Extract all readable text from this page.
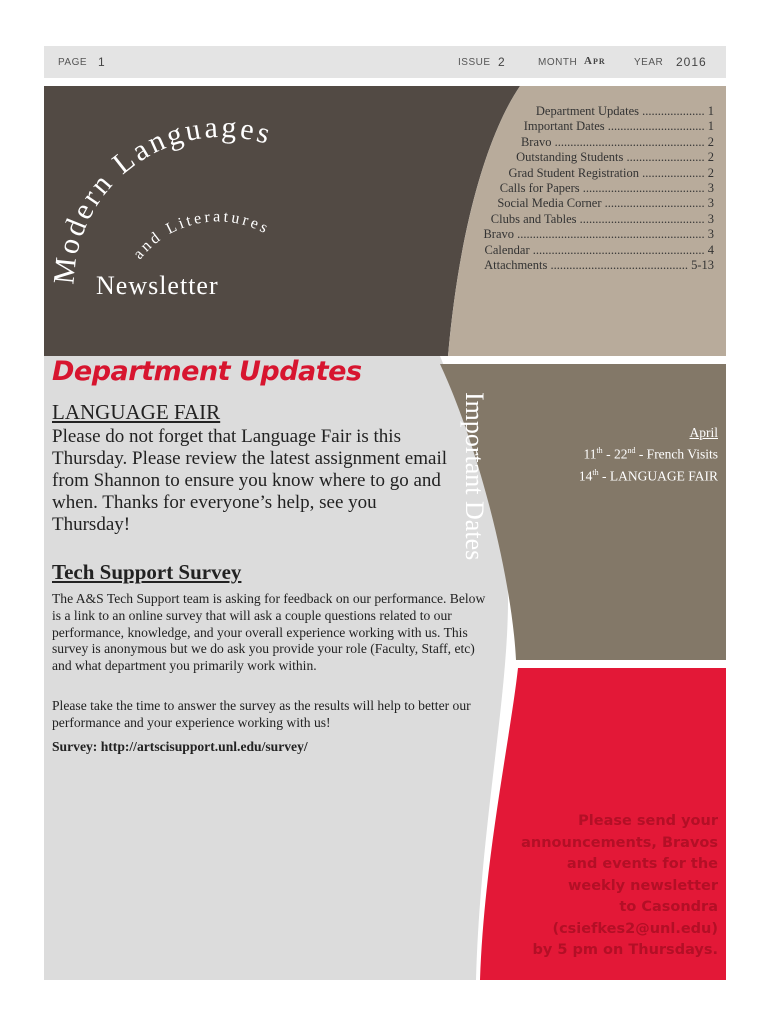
PAGE 1	ISSUE 2	MONTH Apr	YEAR 2016
Modern Languages
and Literatures
Newsletter
Important Dates
Department Updates .................... 1
Important Dates ............................... 1
Bravo ................................................ 2
Outstanding Students ......................... 2
Grad Student Registration .................... 2
Calls for Papers ....................................... 3
Social Media Corner ................................ 3
Clubs and Tables ........................................ 3
Bravo ............................................................ 3
Calendar ....................................................... 4
Attachments ............................................ 5-13
Department Updates
LANGUAGE FAIR
Please do not forget that Language Fair is this Thursday. Please review the latest assignment email from Shannon to ensure you know where to go and when. Thanks for everyone’s help, see you Thursday!
Tech Support Survey
The A&S Tech Support team is asking for feedback on our performance. Below is a link to an online survey that will ask a couple questions related to our performance, knowledge, and your overall experience working with us. This survey is anonymous but we do ask you provide your role (Faculty, Staff, etc) and what department you primarily work within.
Please take the time to answer the survey as the results will help to better our performance and your experience working with us!
Survey: http://artscisupport.unl.edu/survey/
April
11th - 22nd - French Visits
14th - LANGUAGE FAIR
Please send your
announcements, Bravos
and events for the
weekly newsletter
to Casondra
(csiefkes2@unl.edu)
by 5 pm on Thursdays.
